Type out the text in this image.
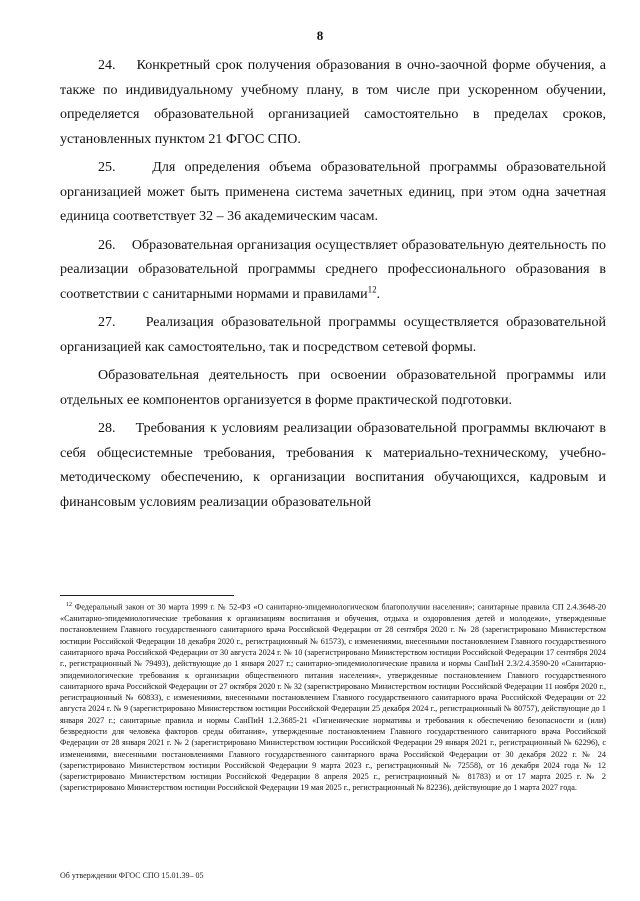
8

24.    Конкретный срок получения образования в очно-заочной форме обучения, а также по индивидуальному учебному плану, в том числе при ускоренном обучении, определяется образовательной организацией самостоятельно в пределах сроков, установленных пунктом 21 ФГОС СПО.

25.    Для определения объема образовательной программы образовательной организацией может быть применена система зачетных единиц, при этом одна зачетная единица соответствует 32 – 36 академическим часам.

26.    Образовательная организация осуществляет образовательную деятельность по реализации образовательной программы среднего профессионального образования в соответствии с санитарными нормами и правилами$^{12}$.

27.    Реализация образовательной программы осуществляется образовательной организацией как самостоятельно, так и посредством сетевой формы.

Образовательная деятельность при освоении образовательной программы или отдельных ее компонентов организуется в форме практической подготовки.

28.    Требования к условиям реализации образовательной программы включают в себя общесистемные требования, требования к материально-техническому, учебно-методическому обеспечению, к организации воспитания обучающихся, кадровым и финансовым условиям реализации образовательной

$^{12}$ Федеральный закон от 30 марта 1999 г. № 52-ФЗ «О санитарно-эпидемиологическом благополучии населения»; санитарные правила СП 2.4.3648-20 «Санитарно-эпидемиологические требования к организациям воспитания и обучения, отдыха и оздоровления детей и молодежи», утвержденные постановлением Главного государственного санитарного врача Российской Федерации от 28 сентября 2020 г. № 28 (зарегистрировано Министерством юстиции Российской Федерации 18 декабря 2020 г., регистрационный № 61573), с изменениями, внесенными постановлением Главного государственного санитарного врача Российской Федерации от 30 августа 2024 г. № 10 (зарегистрировано Министерством юстиции Российской Федерации 17 сентября 2024 г., регистрационный № 79493), действующие до 1 января 2027 г.; санитарно-эпидемиологические правила и нормы СанПиН 2.3/2.4.3590-20 «Санитарно-эпидемиологические требования к организации общественного питания населения», утвержденные постановлением Главного государственного санитарного врача Российской Федерации от 27 октября 2020 г. № 32 (зарегистрировано Министерством юстиции Российской Федерации 11 ноября 2020 г., регистрационный № 60833), с изменениями, внесенными постановлением Главного государственного санитарного врача Российской Федерации от 22 августа 2024 г. № 9 (зарегистрировано Министерством юстиции Российской Федерации 25 декабря 2024 г., регистрационный № 80757), действующие до 1 января 2027 г.; санитарные правила и нормы СанПиН 1.2.3685-21 «Гигиенические нормативы и требования к обеспечению безопасности и (или) безвредности для человека факторов среды обитания», утвержденные постановлением Главного государственного санитарного врача Российской Федерации от 28 января 2021 г. № 2 (зарегистрировано Министерством юстиции Российской Федерации 29 января 2021 г., регистрационный № 62296), с изменениями, внесенными постановлениями Главного государственного санитарного врача Российской Федерации от 30 декабря 2022 г. № 24 (зарегистрировано Министерством юстиции Российской Федерации 9 марта 2023 г., регистрационный № 72558), от 16 декабря 2024 года № 12 (зарегистрировано Министерством юстиции Российской Федерации 8 апреля 2025 г., регистрационный № 81783) и от 17 марта 2025 г. № 2 (зарегистрировано Министерством юстиции Российской Федерации 19 мая 2025 г., регистрационный № 82236), действующие до 1 марта 2027 года.
Об утверждении ФГОС СПО 15.01.39– 05
